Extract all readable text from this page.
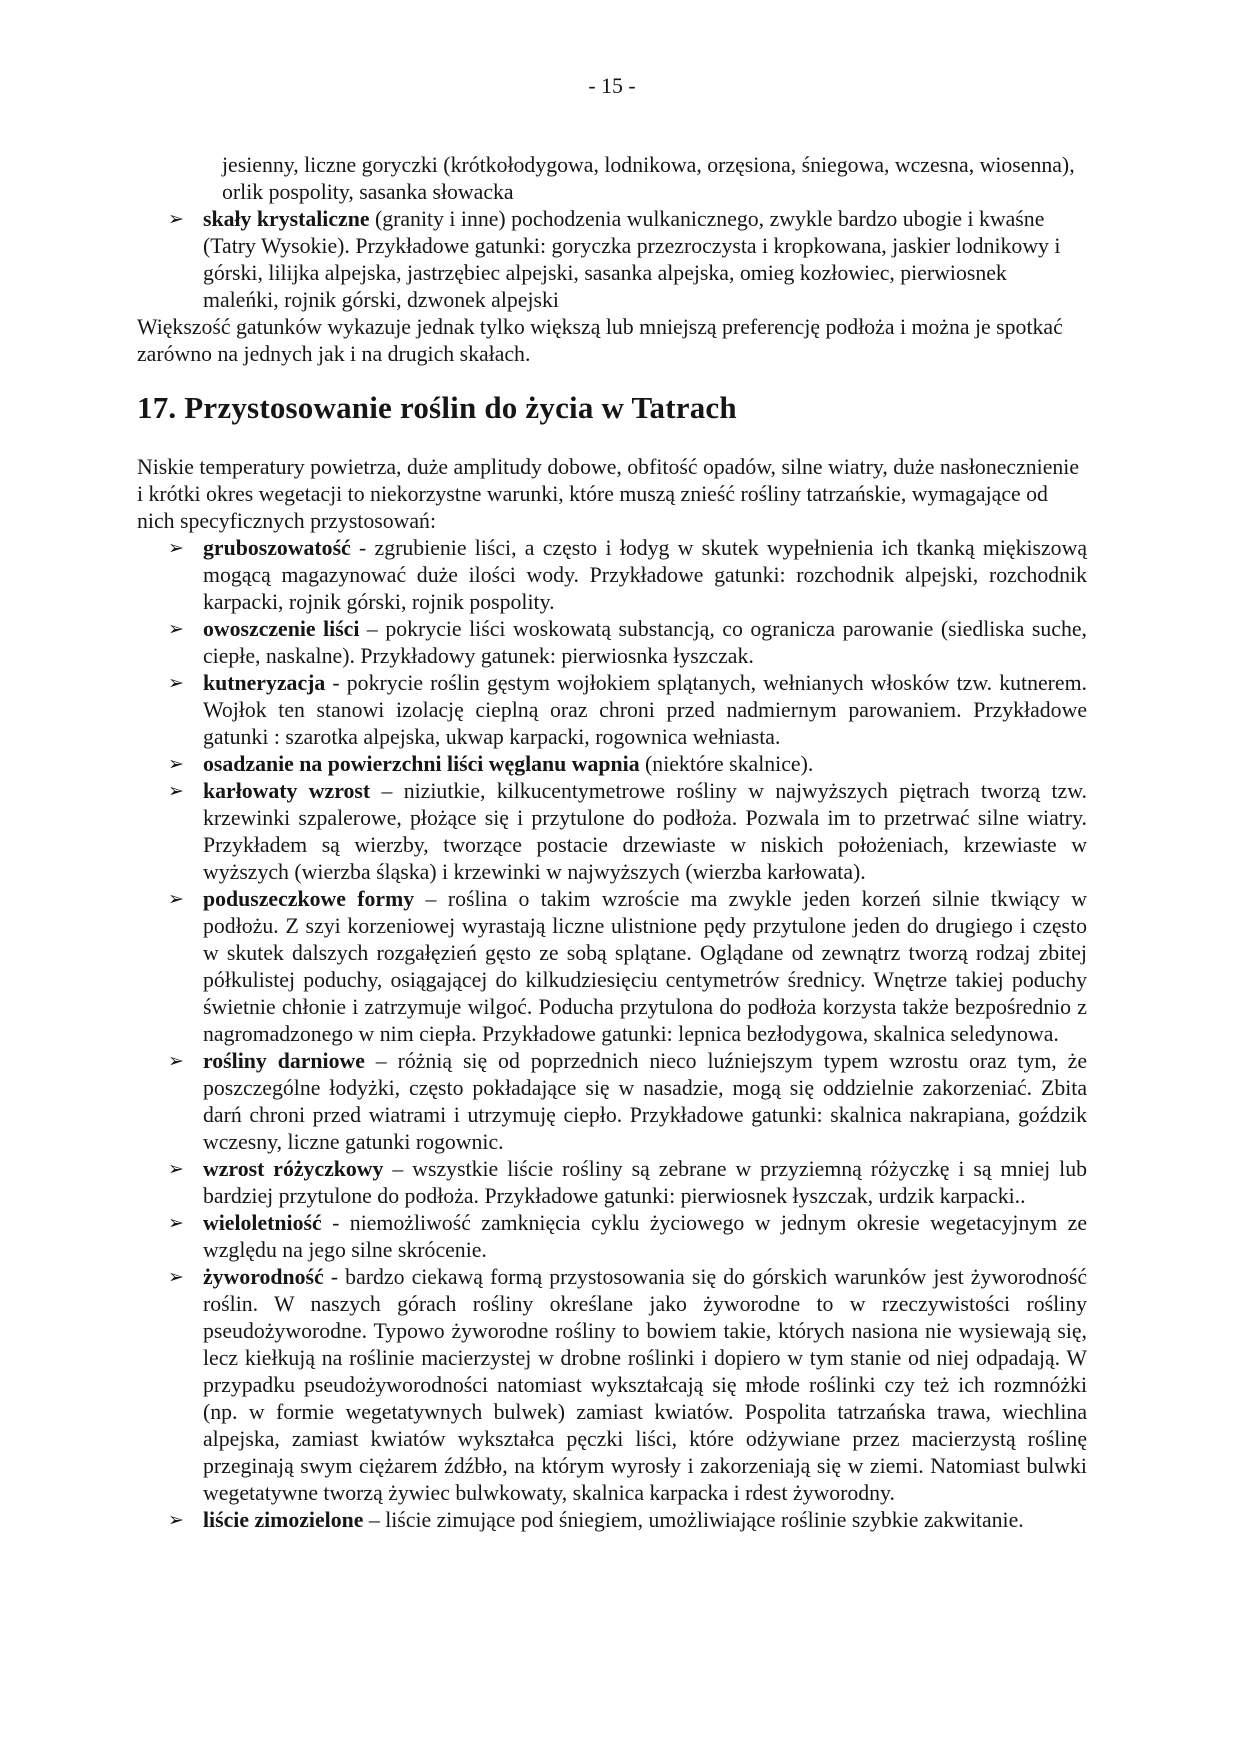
- 15 -
jesienny, liczne goryczki (krótkołodygowa, lodnikowa, orzęsiona, śniegowa, wczesna, wiosenna), orlik pospolity, sasanka słowacka
➢ skały krystaliczne (granity i inne) pochodzenia wulkanicznego, zwykle bardzo ubogie i kwaśne (Tatry Wysokie). Przykładowe gatunki: goryczka przezroczysta i kropkowana, jaskier lodnikowy i górski, lilijka alpejska, jastrzębiec alpejski, sasanka alpejska, omieg kozłowiec, pierwiosnek maleńki, rojnik górski, dzwonek alpejski

Większość gatunków wykazuje jednak tylko większą lub mniejszą preferencję podłoża i można je spotkać zarówno na jednych jak i na drugich skałach.

17. Przystosowanie roślin do życia w Tatrach

Niskie temperatury powietrza, duże amplitudy dobowe, obfitość opadów, silne wiatry, duże nasłonecznienie i krótki okres wegetacji to niekorzystne warunki, które muszą znieść rośliny tatrzańskie, wymagające od nich specyficznych przystosowań:

➢ gruboszowatość - zgrubienie liści, a często i łodyg w skutek wypełnienia ich tkanką miękiszową mogącą magazynować duże ilości wody. Przykładowe gatunki: rozchodnik alpejski, rozchodnik karpacki, rojnik górski, rojnik pospolity.
➢ owoszczenie liści – pokrycie liści woskowatą substancją, co ogranicza parowanie (siedliska suche, ciepłe, naskalne). Przykładowy gatunek: pierwiosnka łyszczak.
➢ kutneryzacja - pokrycie roślin gęstym wojłokiem splątanych, wełnianych włosków tzw. kutnerem. Wojłok ten stanowi izolację cieplną oraz chroni przed nadmiernym parowaniem. Przykładowe gatunki : szarotka alpejska, ukwap karpacki, rogownica wełniasta.
➢ osadzanie na powierzchni liści węglanu wapnia (niektóre skalnice).
➢ karłowaty wzrost – niziutkie, kilkucentymetrowe rośliny w najwyższych piętrach tworzą tzw. krzewinki szpalerowe, płożące się i przytulone do podłoża. Pozwala im to przetrwać silne wiatry. Przykładem są wierzby, tworzące postacie drzewiaste w niskich położeniach, krzewiaste w wyższych (wierzba śląska) i krzewinki w najwyższych (wierzba karłowata).
➢ poduszeczkowe formy – roślina o takim wzroście ma zwykle jeden korzeń silnie tkwiący w podłożu. Z szyi korzeniowej wyrastają liczne ulistnione pędy przytulone jeden do drugiego i często w skutek dalszych rozgałęzień gęsto ze sobą splątane. Oglądane od zewnątrz tworzą rodzaj zbitej półkulistej poduchy, osiągającej do kilkudziesięciu centymetrów średnicy. Wnętrze takiej poduchy świetnie chłonie i zatrzymuje wilgoć. Poducha przytulona do podłoża korzysta także bezpośrednio z nagromadzonego w nim ciepła. Przykładowe gatunki: lepnica bezłodygowa, skalnica seledynowa.
➢ rośliny darniowe – różnią się od poprzednich nieco luźniejszym typem wzrostu oraz tym, że poszczególne łodyżki, często pokładające się w nasadzie, mogą się oddzielnie zakorzeniać. Zbita darń chroni przed wiatrami i utrzymuję ciepło. Przykładowe gatunki: skalnica nakrapiana, goździk wczesny, liczne gatunki rogownic.
➢ wzrost różyczkowy – wszystkie liście rośliny są zebrane w przyziemną różyczkę i są mniej lub bardziej przytulone do podłoża. Przykładowe gatunki: pierwiosnek łyszczak, urdzik karpacki..
➢ wieloletniość - niemożliwość zamknięcia cyklu życiowego w jednym okresie wegetacyjnym ze względu na jego silne skrócenie.
➢ żyworodność - bardzo ciekawą formą przystosowania się do górskich warunków jest żyworodność roślin. W naszych górach rośliny określane jako żyworodne to w rzeczywistości rośliny pseudożyworodne. Typowo żyworodne rośliny to bowiem takie, których nasiona nie wysiewają się, lecz kiełkują na roślinie macierzystej w drobne roślinki i dopiero w tym stanie od niej odpadają. W przypadku pseudożyworodności natomiast wykształcają się młode roślinki czy też ich rozmnóżki (np. w formie wegetatywnych bulwek) zamiast kwiatów. Pospolita tatrzańska trawa, wiechlina alpejska, zamiast kwiatów wykształca pęczki liści, które odżywiane przez macierzystą roślinę przeginają swym ciężarem źdźbło, na którym wyrosły i zakorzeniają się w ziemi. Natomiast bulwki wegetatywne tworzą żywiec bulwkowaty, skalnica karpacka i rdest żyworodny.
➢ liście zimozielone – liście zimujące pod śniegiem, umożliwiające roślinie szybkie zakwitanie.
